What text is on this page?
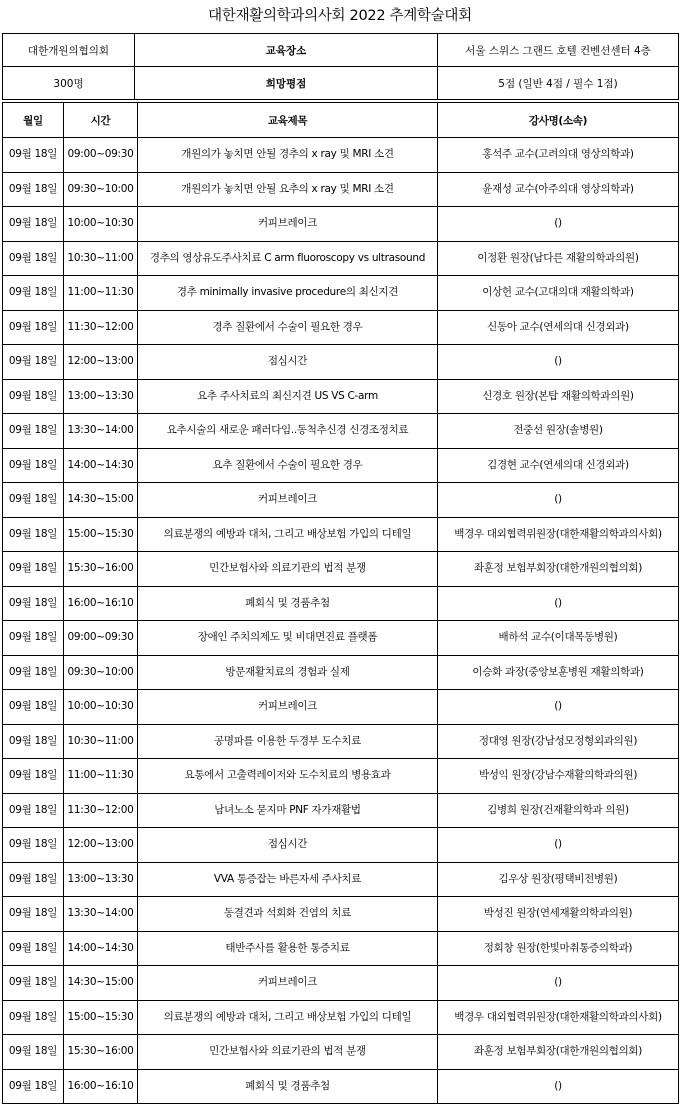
대한재활의학과의사회 2022 추계학술대회
대한개원의협의회	교육장소	서울 스위스 그랜드 호텔 컨벤션센터 4층
300명	희망평점	5점 (일반 4점 / 필수 1점)
월일	시간	교육제목	강사명(소속)
09월 18일	09:00~09:30	개원의가 놓치면 안될 경추의 x ray 및 MRI 소견	홍석주 교수(고려의대 영상의학과)
09월 18일	09:30~10:00	개원의가 놓치면 안될 요추의 x ray 및 MRI 소견	윤재성 교수(아주의대 영상의학과)
09월 18일	10:00~10:30	커피브레이크	()
09월 18일	10:30~11:00	경추의 영상유도주사치료 C arm fluoroscopy vs ultrasound	이정환 원장(남다른 재활의학과의원)
09월 18일	11:00~11:30	경추 minimally invasive procedure의 최신지견	이상헌 교수(고대의대 재활의학과)
09월 18일	11:30~12:00	경추 질환에서 수술이 필요한 경우	신동아 교수(연세의대 신경외과)
09월 18일	12:00~13:00	점심시간	()
09월 18일	13:00~13:30	요추 주사치료의 최신지견 US VS C-arm	신경호 원장(본탑 재활의학과의원)
09월 18일	13:30~14:00	요추시술의 새로운 패러다임..동척추신경 신경조정치료	전중선 원장(솔병원)
09월 18일	14:00~14:30	요추 질환에서 수술이 필요한 경우	김경현 교수(연세의대 신경외과)
09월 18일	14:30~15:00	커피브레이크	()
09월 18일	15:00~15:30	의료분쟁의 예방과 대처, 그리고 배상보험 가입의 디테일	백경우 대외협력위원장(대한재활의학과의사회)
09월 18일	15:30~16:00	민간보험사와 의료기관의 법적 분쟁	좌훈정 보험부회장(대한개원의협의회)
09월 18일	16:00~16:10	폐회식 및 경품추첨	()
09월 18일	09:00~09:30	장애인 주치의제도 및 비대면진료 플랫폼	배하석 교수(이대목동병원)
09월 18일	09:30~10:00	방문재활치료의 경험과 실제	이승화 과장(중앙보훈병원 재활의학과)
09월 18일	10:00~10:30	커피브레이크	()
09월 18일	10:30~11:00	공명파를 이용한 두경부 도수치료	정대영 원장(강남성모정형외과의원)
09월 18일	11:00~11:30	요통에서 고출력레이저와 도수치료의 병용효과	박성익 원장(강남수재활의학과의원)
09월 18일	11:30~12:00	남녀노소 묻지마 PNF 자가재활법	김병희 원장(건재활의학과 의원)
09월 18일	12:00~13:00	점심시간	()
09월 18일	13:00~13:30	VVA 통증잡는 바른자세 주사치료	김우상 원장(평택비전병원)
09월 18일	13:30~14:00	동결견과 석회화 건염의 치료	박성진 원장(연세재활의학과의원)
09월 18일	14:00~14:30	태반주사를 활용한 통증치료	정회창 원장(한빛마취통증의학과)
09월 18일	14:30~15:00	커피브레이크	()
09월 18일	15:00~15:30	의료분쟁의 예방과 대처, 그리고 배상보험 가입의 디테일	백경우 대외협력위원장(대한재활의학과의사회)
09월 18일	15:30~16:00	민간보험사와 의료기관의 법적 분쟁	좌훈정 보험부회장(대한개원의협의회)
09월 18일	16:00~16:10	폐회식 및 경품추첨	()
